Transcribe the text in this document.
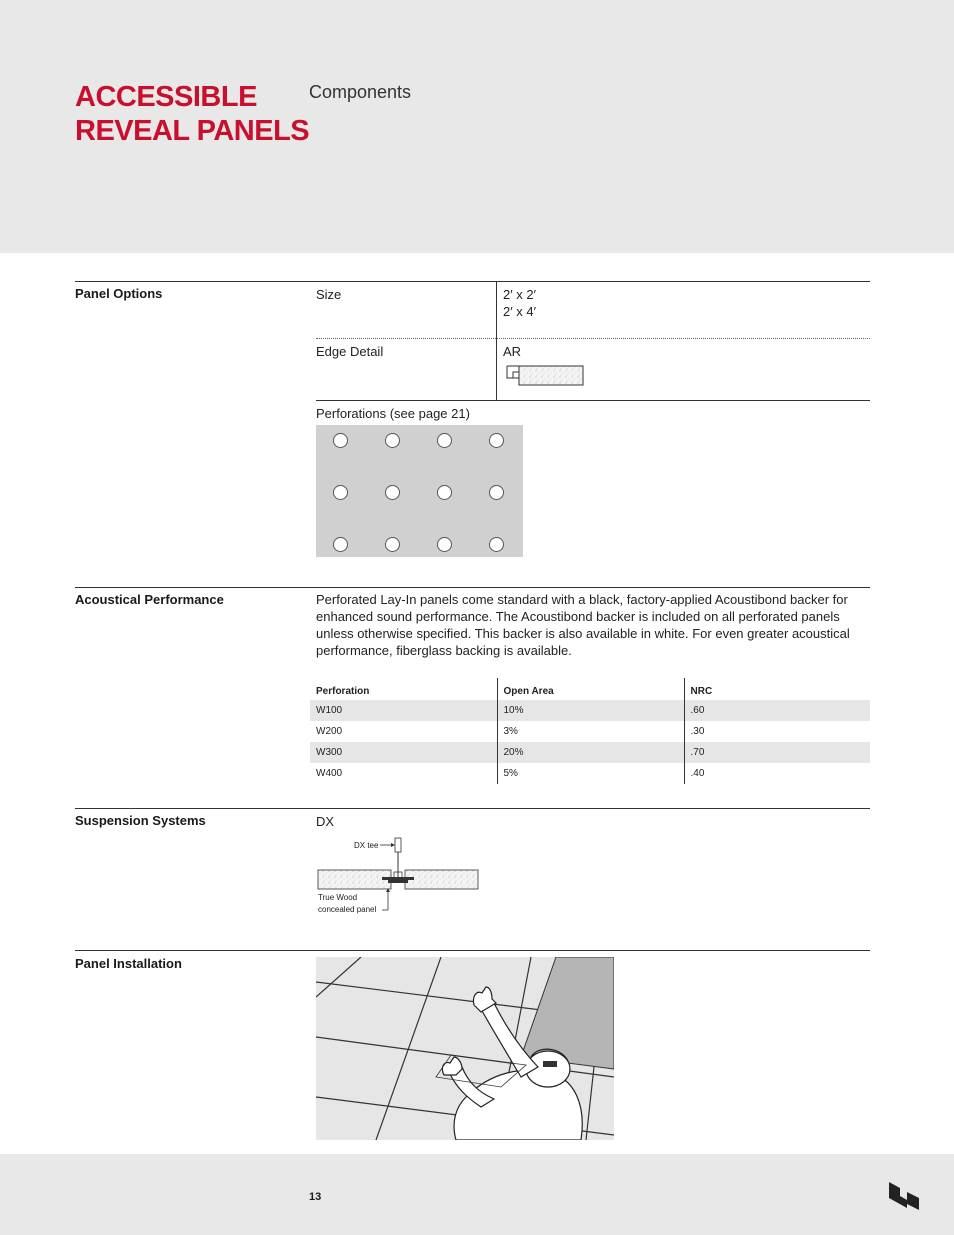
ACCESSIBLE
REVEAL PANELS
Components
Panel Options	Size	2′ x 2′
2′ x 4′
Edge Detail	AR
Perforations (see page 21)
Acoustical Performance	Perforated Lay-In panels come standard with a black, factory-applied Acoustibond backer for enhanced sound performance. The Acoustibond backer is included on all perforated panels unless otherwise specified. This backer is also available in white. For even greater acoustical performance, fiberglass backing is available.
Perforation	Open Area	NRC
W100	10%	.60
W200	3%	.30
W300	20%	.70
W400	5%	.40
Suspension Systems	DX
DX tee
True Wood
concealed panel
Panel Installation
13
